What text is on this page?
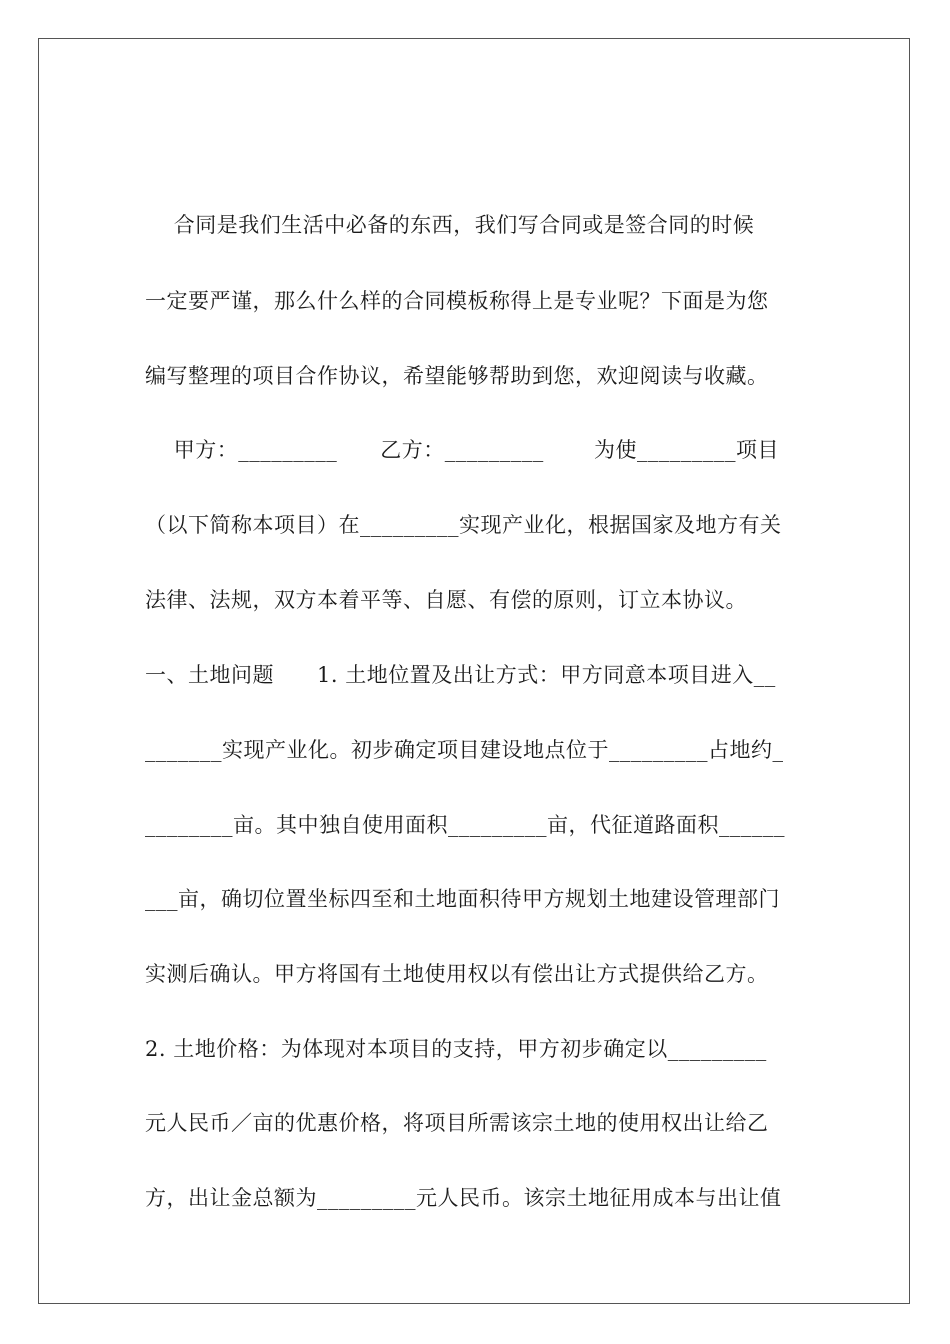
合同是我们生活中必备的东西，我们写合同或是签合同的时候
一定要严谨，那么什么样的合同模板称得上是专业呢？下面是为您
编写整理的项目合作协议，希望能够帮助到您，欢迎阅读与收藏。
甲方：_________      乙方：_________       为使_________项目
（以下简称本项目）在_________实现产业化，根据国家及地方有关
法律、法规，双方本着平等、自愿、有偿的原则，订立本协议。
一、土地问题      1. 土地位置及出让方式：甲方同意本项目进入__
_______实现产业化。初步确定项目建设地点位于_________占地约_
________亩。其中独自使用面积_________亩，代征道路面积______
___亩，确切位置坐标四至和土地面积待甲方规划土地建设管理部门
实测后确认。甲方将国有土地使用权以有偿出让方式提供给乙方。
2. 土地价格：为体现对本项目的支持，甲方初步确定以_________
元人民币／亩的优惠价格，将项目所需该宗土地的使用权出让给乙
方，出让金总额为_________元人民币。该宗土地征用成本与出让值
